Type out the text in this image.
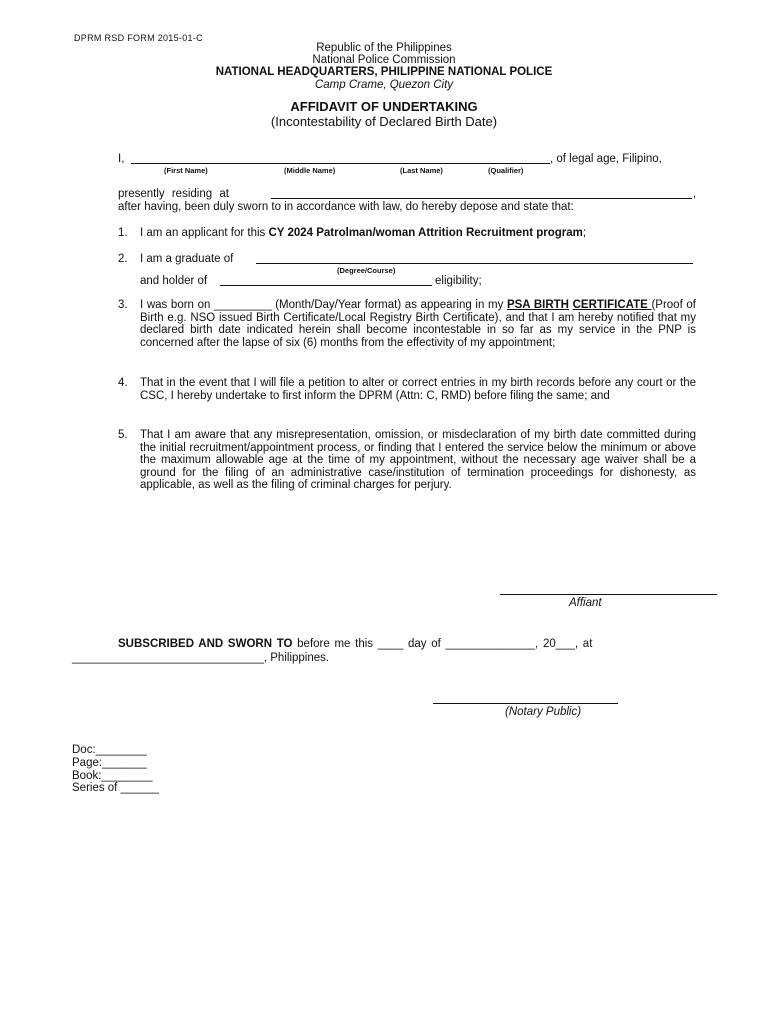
DPRM RSD FORM 2015-01-C
Republic of the Philippines
National Police Commission
NATIONAL HEADQUARTERS, PHILIPPINE NATIONAL POLICE
Camp Crame, Quezon City
AFFIDAVIT OF UNDERTAKING
(Incontestability of Declared Birth Date)
I,	, of legal age, Filipino,
(First Name)	(Middle Name)	(Last Name)	(Qualifier)
presently residing at	,
after having, been duly sworn to in accordance with law, do hereby depose and state that:
1. I am an applicant for this CY 2024 Patrolman/woman Attrition Recruitment program;
2. I am a graduate of
(Degree/Course)
and holder of	eligibility;
3. I was born on _________ (Month/Day/Year format) as appearing in my PSA BIRTH CERTIFICATE (Proof of Birth e.g. NSO issued Birth Certificate/Local Registry Birth Certificate), and that I am hereby notified that my declared birth date indicated herein shall become incontestable in so far as my service in the PNP is concerned after the lapse of six (6) months from the effectivity of my appointment;
4. That in the event that I will file a petition to alter or correct entries in my birth records before any court or the CSC, I hereby undertake to first inform the DPRM (Attn: C, RMD) before filing the same; and
5. That I am aware that any misrepresentation, omission, or misdeclaration of my birth date committed during the initial recruitment/appointment process, or finding that I entered the service below the minimum or above the maximum allowable age at the time of my appointment, without the necessary age waiver shall be a ground for the filing of an administrative case/institution of termination proceedings for dishonesty, as applicable, as well as the filing of criminal charges for perjury.
Affiant
SUBSCRIBED AND SWORN TO before me this ____ day of ______________, 20___, at
______________________________, Philippines.
(Notary Public)
Doc:________
Page:_______
Book:________
Series of ______
